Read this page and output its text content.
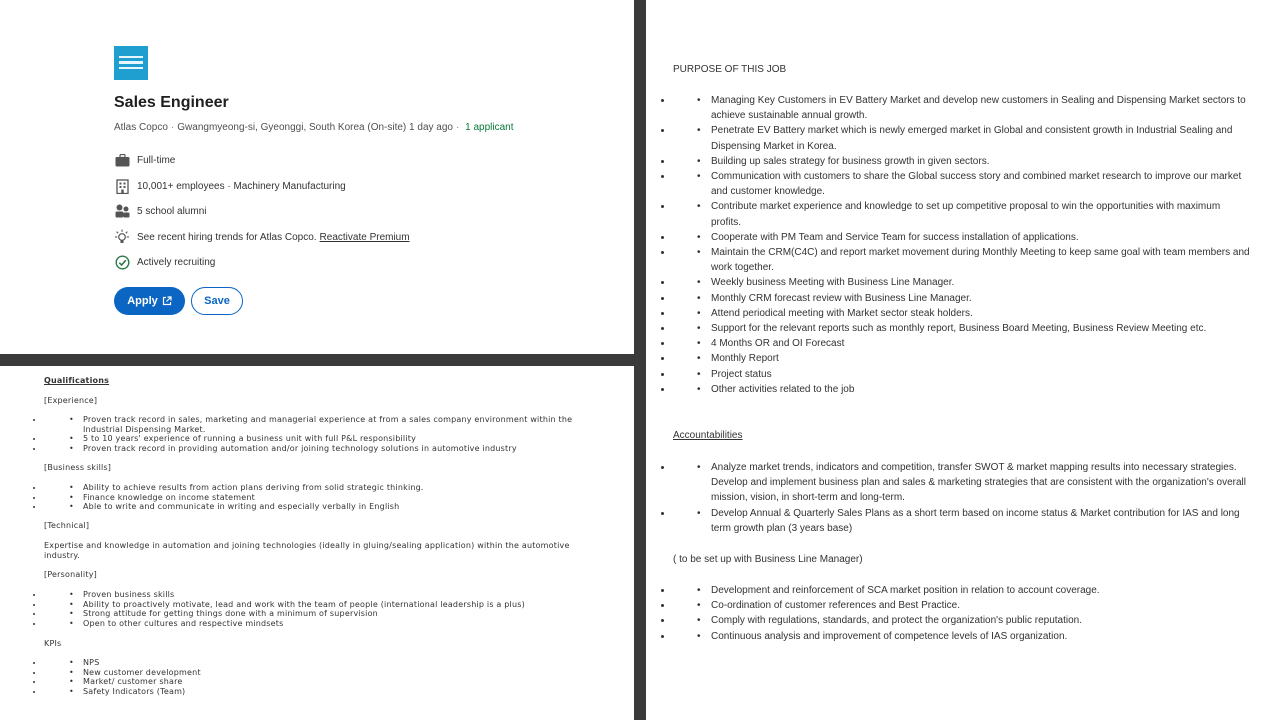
Sales Engineer
Atlas Copco · Gwangmyeong-si, Gyeonggi, South Korea (On-site) 1 day ago · 1 applicant
Full-time
10,001+ employees · Machinery Manufacturing
5 school alumni
See recent hiring trends for Atlas Copco. Reactivate Premium
Actively recruiting
Apply	Save
Qualifications
[Experience]
• • Proven track record in sales, marketing and managerial experience at from a sales company environment within the Industrial Dispensing Market.
• • 5 to 10 years' experience of running a business unit with full P&L responsibility
• • Proven track record in providing automation and/or joining technology solutions in automotive industry
[Business skills]
• • Ability to achieve results from action plans deriving from solid strategic thinking.
• • Finance knowledge on income statement
• • Able to write and communicate in writing and especially verbally in English
[Technical]
Expertise and knowledge in automation and joining technologies (ideally in gluing/sealing application) within the automotive industry.
[Personality]
• • Proven business skills
• • Ability to proactively motivate, lead and work with the team of people (international leadership is a plus)
• • Strong attitude for getting things done with a minimum of supervision
• • Open to other cultures and respective mindsets
KPIs
• • NPS
• • New customer development
• • Market/ customer share
• • Safety Indicators (Team)
PURPOSE OF THIS JOB
• • Managing Key Customers in EV Battery Market and develop new customers in Sealing and Dispensing Market sectors to achieve sustainable annual growth.
• • Penetrate EV Battery market which is newly emerged market in Global and consistent growth in Industrial Sealing and Dispensing Market in Korea.
• • Building up sales strategy for business growth in given sectors.
• • Communication with customers to share the Global success story and combined market research to improve our market and customer knowledge.
• • Contribute market experience and knowledge to set up competitive proposal to win the opportunities with maximum profits.
• • Cooperate with PM Team and Service Team for success installation of applications.
• • Maintain the CRM(C4C) and report market movement during Monthly Meeting to keep same goal with team members and work together.
• • Weekly business Meeting with Business Line Manager.
• • Monthly CRM forecast review with Business Line Manager.
• • Attend periodical meeting with Market sector steak holders.
• • Support for the relevant reports such as monthly report, Business Board Meeting, Business Review Meeting etc.
• • 4 Months OR and OI Forecast
• • Monthly Report
• • Project status
• • Other activities related to the job
Accountabilities
• • Analyze market trends, indicators and competition, transfer SWOT & market mapping results into necessary strategies. Develop and implement business plan and sales & marketing strategies that are consistent with the organization's overall mission, vision, in short-term and long-term.
• • Develop Annual & Quarterly Sales Plans as a short term based on income status & Market contribution for IAS and long term growth plan (3 years base)
( to be set up with Business Line Manager)
• • Development and reinforcement of SCA market position in relation to account coverage.
• • Co-ordination of customer references and Best Practice.
• • Comply with regulations, standards, and protect the organization's public reputation.
• • Continuous analysis and improvement of competence levels of IAS organization.
